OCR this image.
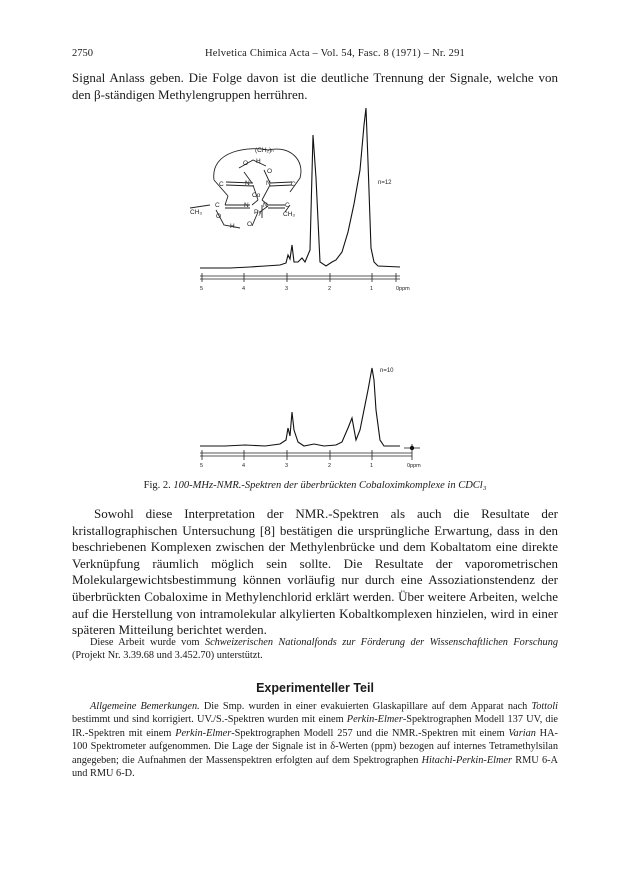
2750	Helvetica Chimica Acta – Vol. 54, Fasc. 8 (1971) – Nr. 291

Signal Anlass geben. Die Folge davon ist die deutliche Trennung der Signale, welche von den β-ständigen Methylengruppen herrühren.

(CH₂)ₙ
O H
O
N	N
C	C
Co
C	N N	C
Py
CH₃	CH₃
O
O
H
5	4	3	2	1	0ppm
n=12
5	4	3	2	1	0ppm
n=10
Fig. 2. 100-MHz-NMR.-Spektren der überbrückten Cobaloximkomplexe in CDCl₃

Sowohl diese Interpretation der NMR.-Spektren als auch die Resultate der kristallographischen Untersuchung [8] bestätigen die ursprüngliche Erwartung, dass in den beschriebenen Komplexen zwischen der Methylenbrücke und dem Kobaltatom eine direkte Verknüpfung räumlich möglich sein sollte. Die Resultate der vaporometrischen Molekulargewichtsbestimmung können vorläufig nur durch eine Assoziationstendenz der überbrückten Cobaloxime in Methylenchlorid erklärt werden. Über weitere Arbeiten, welche auf die Herstellung von intramolekular alkylierten Kobaltkomplexen hinzielen, wird in einer späteren Mitteilung berichtet werden.

Diese Arbeit wurde vom Schweizerischen Nationalfonds zur Förderung der Wissenschaftlichen Forschung (Projekt Nr. 3.39.68 und 3.452.70) unterstützt.

Experimenteller Teil

Allgemeine Bemerkungen. Die Smp. wurden in einer evakuierten Glaskapillare auf dem Apparat nach Tottoli bestimmt und sind korrigiert. UV./S.-Spektren wurden mit einem Perkin-Elmer-Spektrographen Modell 137 UV, die IR.-Spektren mit einem Perkin-Elmer-Spektrographen Modell 257 und die NMR.-Spektren mit einem Varian HA-100 Spektrometer aufgenommen. Die Lage der Signale ist in δ-Werten (ppm) bezogen auf internes Tetramethylsilan angegeben; die Aufnahmen der Massenspektren erfolgten auf dem Spektrographen Hitachi-Perkin-Elmer RMU 6-A und RMU 6-D.
